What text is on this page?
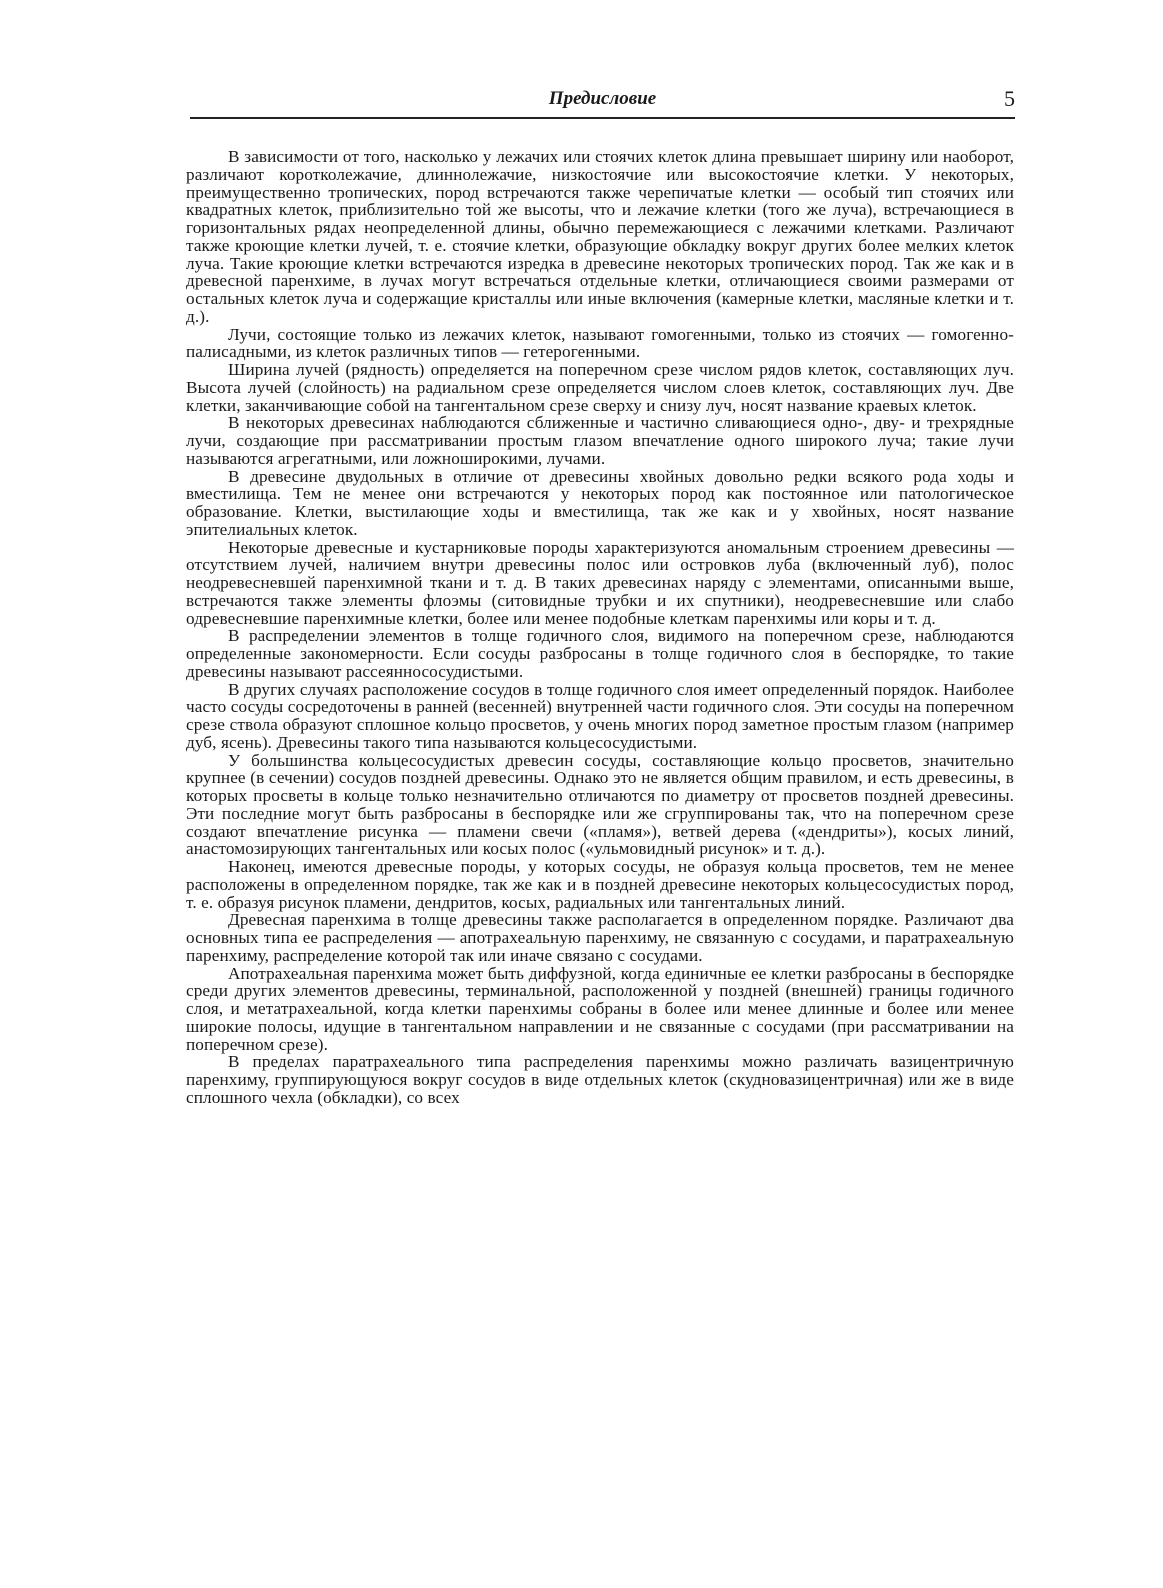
Предисловие	5

В зависимости от того, насколько у лежачих или стоячих клеток длина превышает ширину или наоборот, различают коротколежачие, длиннолежачие, низкостоячие или высокостоячие клетки. У некоторых, преимущественно тропических, пород встречаются также черепичатые клетки — особый тип стоячих или квадратных клеток, приблизительно той же высоты, что и лежачие клетки (того же луча), встречающиеся в горизонтальных рядах неопределенной длины, обычно перемежающиеся с лежачими клетками. Различают также кроющие клетки лучей, т. е. стоячие клетки, образующие обкладку вокруг других более мелких клеток луча. Такие кроющие клетки встречаются изредка в древесине некоторых тропических пород. Так же как и в древесной паренхиме, в лучах могут встречаться отдельные клетки, отличающиеся своими размерами от остальных клеток луча и содержащие кристаллы или иные включения (камерные клетки, масляные клетки и т. д.).

Лучи, состоящие только из лежачих клеток, называют гомогенными, только из стоячих — гомогенно-палисадными, из клеток различных типов — гетерогенными.

Ширина лучей (рядность) определяется на поперечном срезе числом рядов клеток, составляющих луч. Высота лучей (слойность) на радиальном срезе определяется числом слоев клеток, составляющих луч. Две клетки, заканчивающие собой на тангентальном срезе сверху и снизу луч, носят название краевых клеток.

В некоторых древесинах наблюдаются сближенные и частично сливающиеся одно-, дву- и трехрядные лучи, создающие при рассматривании простым глазом впечатление одного широкого луча; такие лучи называются агрегатными, или ложноширокими, лучами.

В древесине двудольных в отличие от древесины хвойных довольно редки всякого рода ходы и вместилища. Тем не менее они встречаются у некоторых пород как постоянное или патологическое образование. Клетки, выстилающие ходы и вместилища, так же как и у хвойных, носят название эпителиальных клеток.

Некоторые древесные и кустарниковые породы характеризуются аномальным строением древесины — отсутствием лучей, наличием внутри древесины полос или островков луба (включенный луб), полос неодревесневшей паренхимной ткани и т. д. В таких древесинах наряду с элементами, описанными выше, встречаются также элементы флоэмы (ситовидные трубки и их спутники), неодревесневшие или слабо одревесневшие паренхимные клетки, более или менее подобные клеткам паренхимы или коры и т. д.

В распределении элементов в толще годичного слоя, видимого на поперечном срезе, наблюдаются определенные закономерности. Если сосуды разбросаны в толще годичного слоя в беспорядке, то такие древесины называют рассеяннососудистыми.

В других случаях расположение сосудов в толще годичного слоя имеет определенный порядок. Наиболее часто сосуды сосредоточены в ранней (весенней) внутренней части годичного слоя. Эти сосуды на поперечном срезе ствола образуют сплошное кольцо просветов, у очень многих пород заметное простым глазом (например дуб, ясень). Древесины такого типа называются кольцесосудистыми.

У большинства кольцесосудистых древесин сосуды, составляющие кольцо просветов, значительно крупнее (в сечении) сосудов поздней древесины. Однако это не является общим правилом, и есть древесины, в которых просветы в кольце только незначительно отличаются по диаметру от просветов поздней древесины. Эти последние могут быть разбросаны в беспорядке или же сгруппированы так, что на поперечном срезе создают впечатление рисунка — пламени свечи («пламя»), ветвей дерева («дендриты»), косых линий, анастомозирующих тангентальных или косых полос («ульмовидный рисунок» и т. д.).

Наконец, имеются древесные породы, у которых сосуды, не образуя кольца просветов, тем не менее расположены в определенном порядке, так же как и в поздней древесине некоторых кольцесосудистых пород, т. е. образуя рисунок пламени, дендритов, косых, радиальных или тангентальных линий.

Древесная паренхима в толще древесины также располагается в определенном порядке. Различают два основных типа ее распределения — апотрахеальную паренхиму, не связанную с сосудами, и паратрахеальную паренхиму, распределение которой так или иначе связано с сосудами.

Апотрахеальная паренхима может быть диффузной, когда единичные ее клетки разбросаны в беспорядке среди других элементов древесины, терминальной, расположенной у поздней (внешней) границы годичного слоя, и метатрахеальной, когда клетки паренхимы собраны в более или менее длинные и более или менее широкие полосы, идущие в тангентальном направлении и не связанные с сосудами (при рассматривании на поперечном срезе).

В пределах паратрахеального типа распределения паренхимы можно различать вазицентричную паренхиму, группирующуюся вокруг сосудов в виде отдельных клеток (скудновазицентричная) или же в виде сплошного чехла (обкладки), со всех
